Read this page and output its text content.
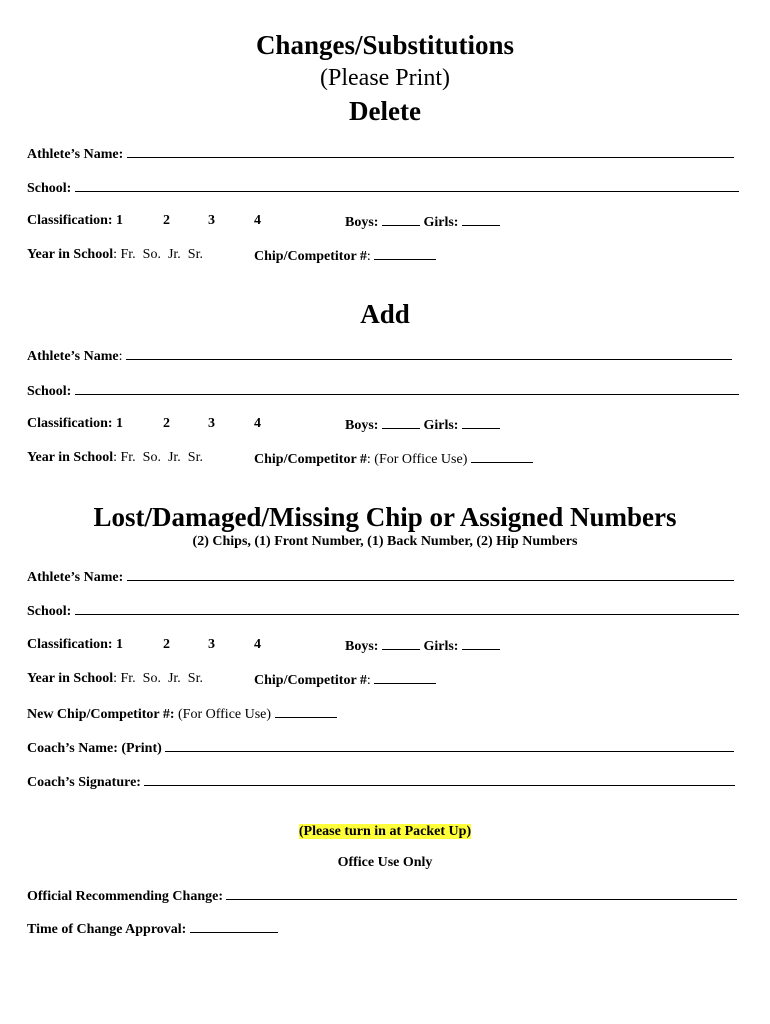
Changes/Substitutions
(Please Print)
Delete
Athlete’s Name:
School:
Classification: 1	2	3	4	Boys:	Girls:
Year in School: Fr.  So.  Jr.  Sr.	Chip/Competitor #:
Add
Athlete’s Name:
School:
Classification: 1	2	3	4	Boys:	Girls:
Year in School: Fr.  So.  Jr.  Sr.	Chip/Competitor #: (For Office Use)
Lost/Damaged/Missing Chip or Assigned Numbers
(2) Chips, (1) Front Number, (1) Back Number, (2) Hip Numbers
Athlete’s Name:
School:
Classification: 1	2	3	4	Boys:	Girls:
Year in School: Fr.  So.  Jr.  Sr.	Chip/Competitor #:
New Chip/Competitor #: (For Office Use)
Coach’s Name: (Print)
Coach’s Signature:
(Please turn in at Packet Up)
Office Use Only
Official Recommending Change:
Time of Change Approval:
